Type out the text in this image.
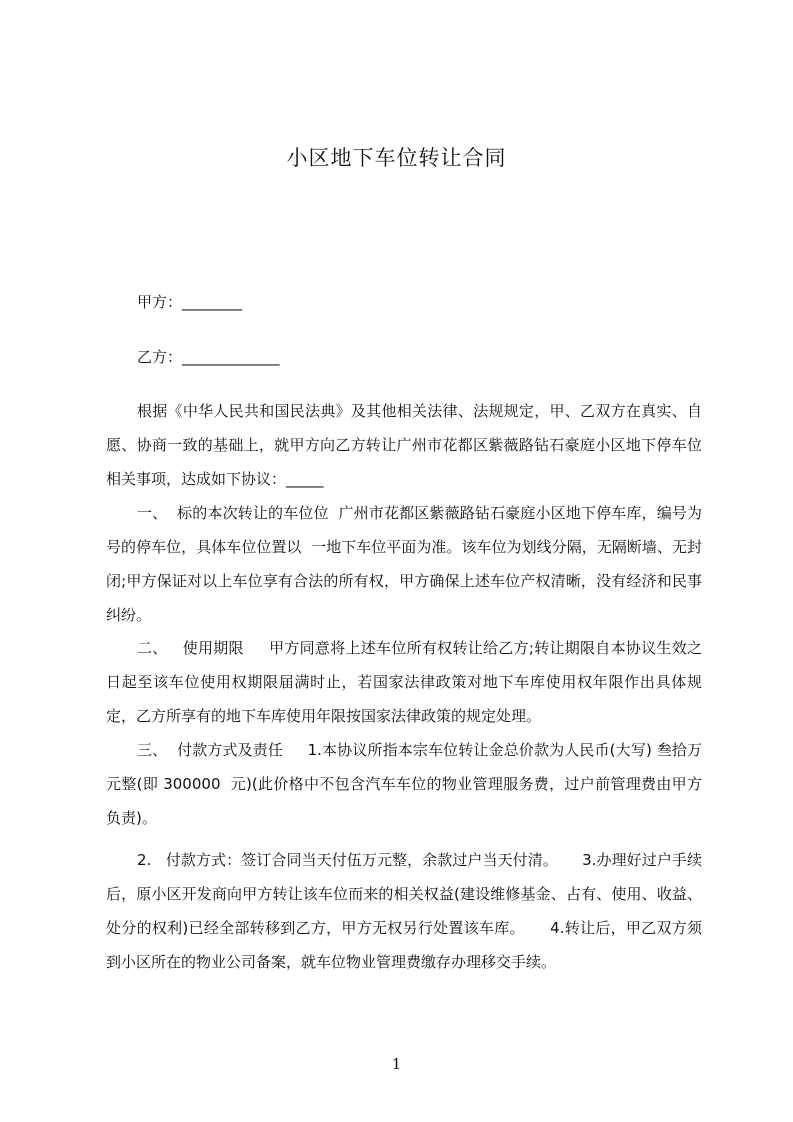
小区地下车位转让合同
甲方：________
乙方：_____________
根据《中华人民共和国民法典》及其他相关法律、法规规定，甲、乙双方在真实、自愿、协商一致的基础上，就甲方向乙方转让广州市花都区紫薇路钻石豪庭小区地下停车位相关事项，达成如下协议：_____
一、  标的本次转让的车位位  广州市花都区紫薇路钻石豪庭小区地下停车库，编号为  号的停车位，具体车位位置以  一地下车位平面为准。该车位为划线分隔，无隔断墙、无封闭;甲方保证对以上车位享有合法的所有权，甲方确保上述车位产权清晰，没有经济和民事纠纷。
二、   使用期限     甲方同意将上述车位所有权转让给乙方;转让期限自本协议生效之日起至该车位使用权期限届满时止，若国家法律政策对地下车库使用权年限作出具体规定，乙方所享有的地下车库使用年限按国家法律政策的规定处理。
三、  付款方式及责任     1.本协议所指本宗车位转让金总价款为人民币(大写) 叁拾万元整(即 300000  元)(此价格中不包含汽车车位的物业管理服务费，过户前管理费由甲方负责)。
2.   付款方式：签订合同当天付伍万元整，余款过户当天付清。     3.办理好过户手续后，原小区开发商向甲方转让该车位而来的相关权益(建设维修基金、占有、使用、收益、处分的权利)已经全部转移到乙方，甲方无权另行处置该车库。     4.转让后，甲乙双方须到小区所在的物业公司备案，就车位物业管理费缴存办理移交手续。
1
